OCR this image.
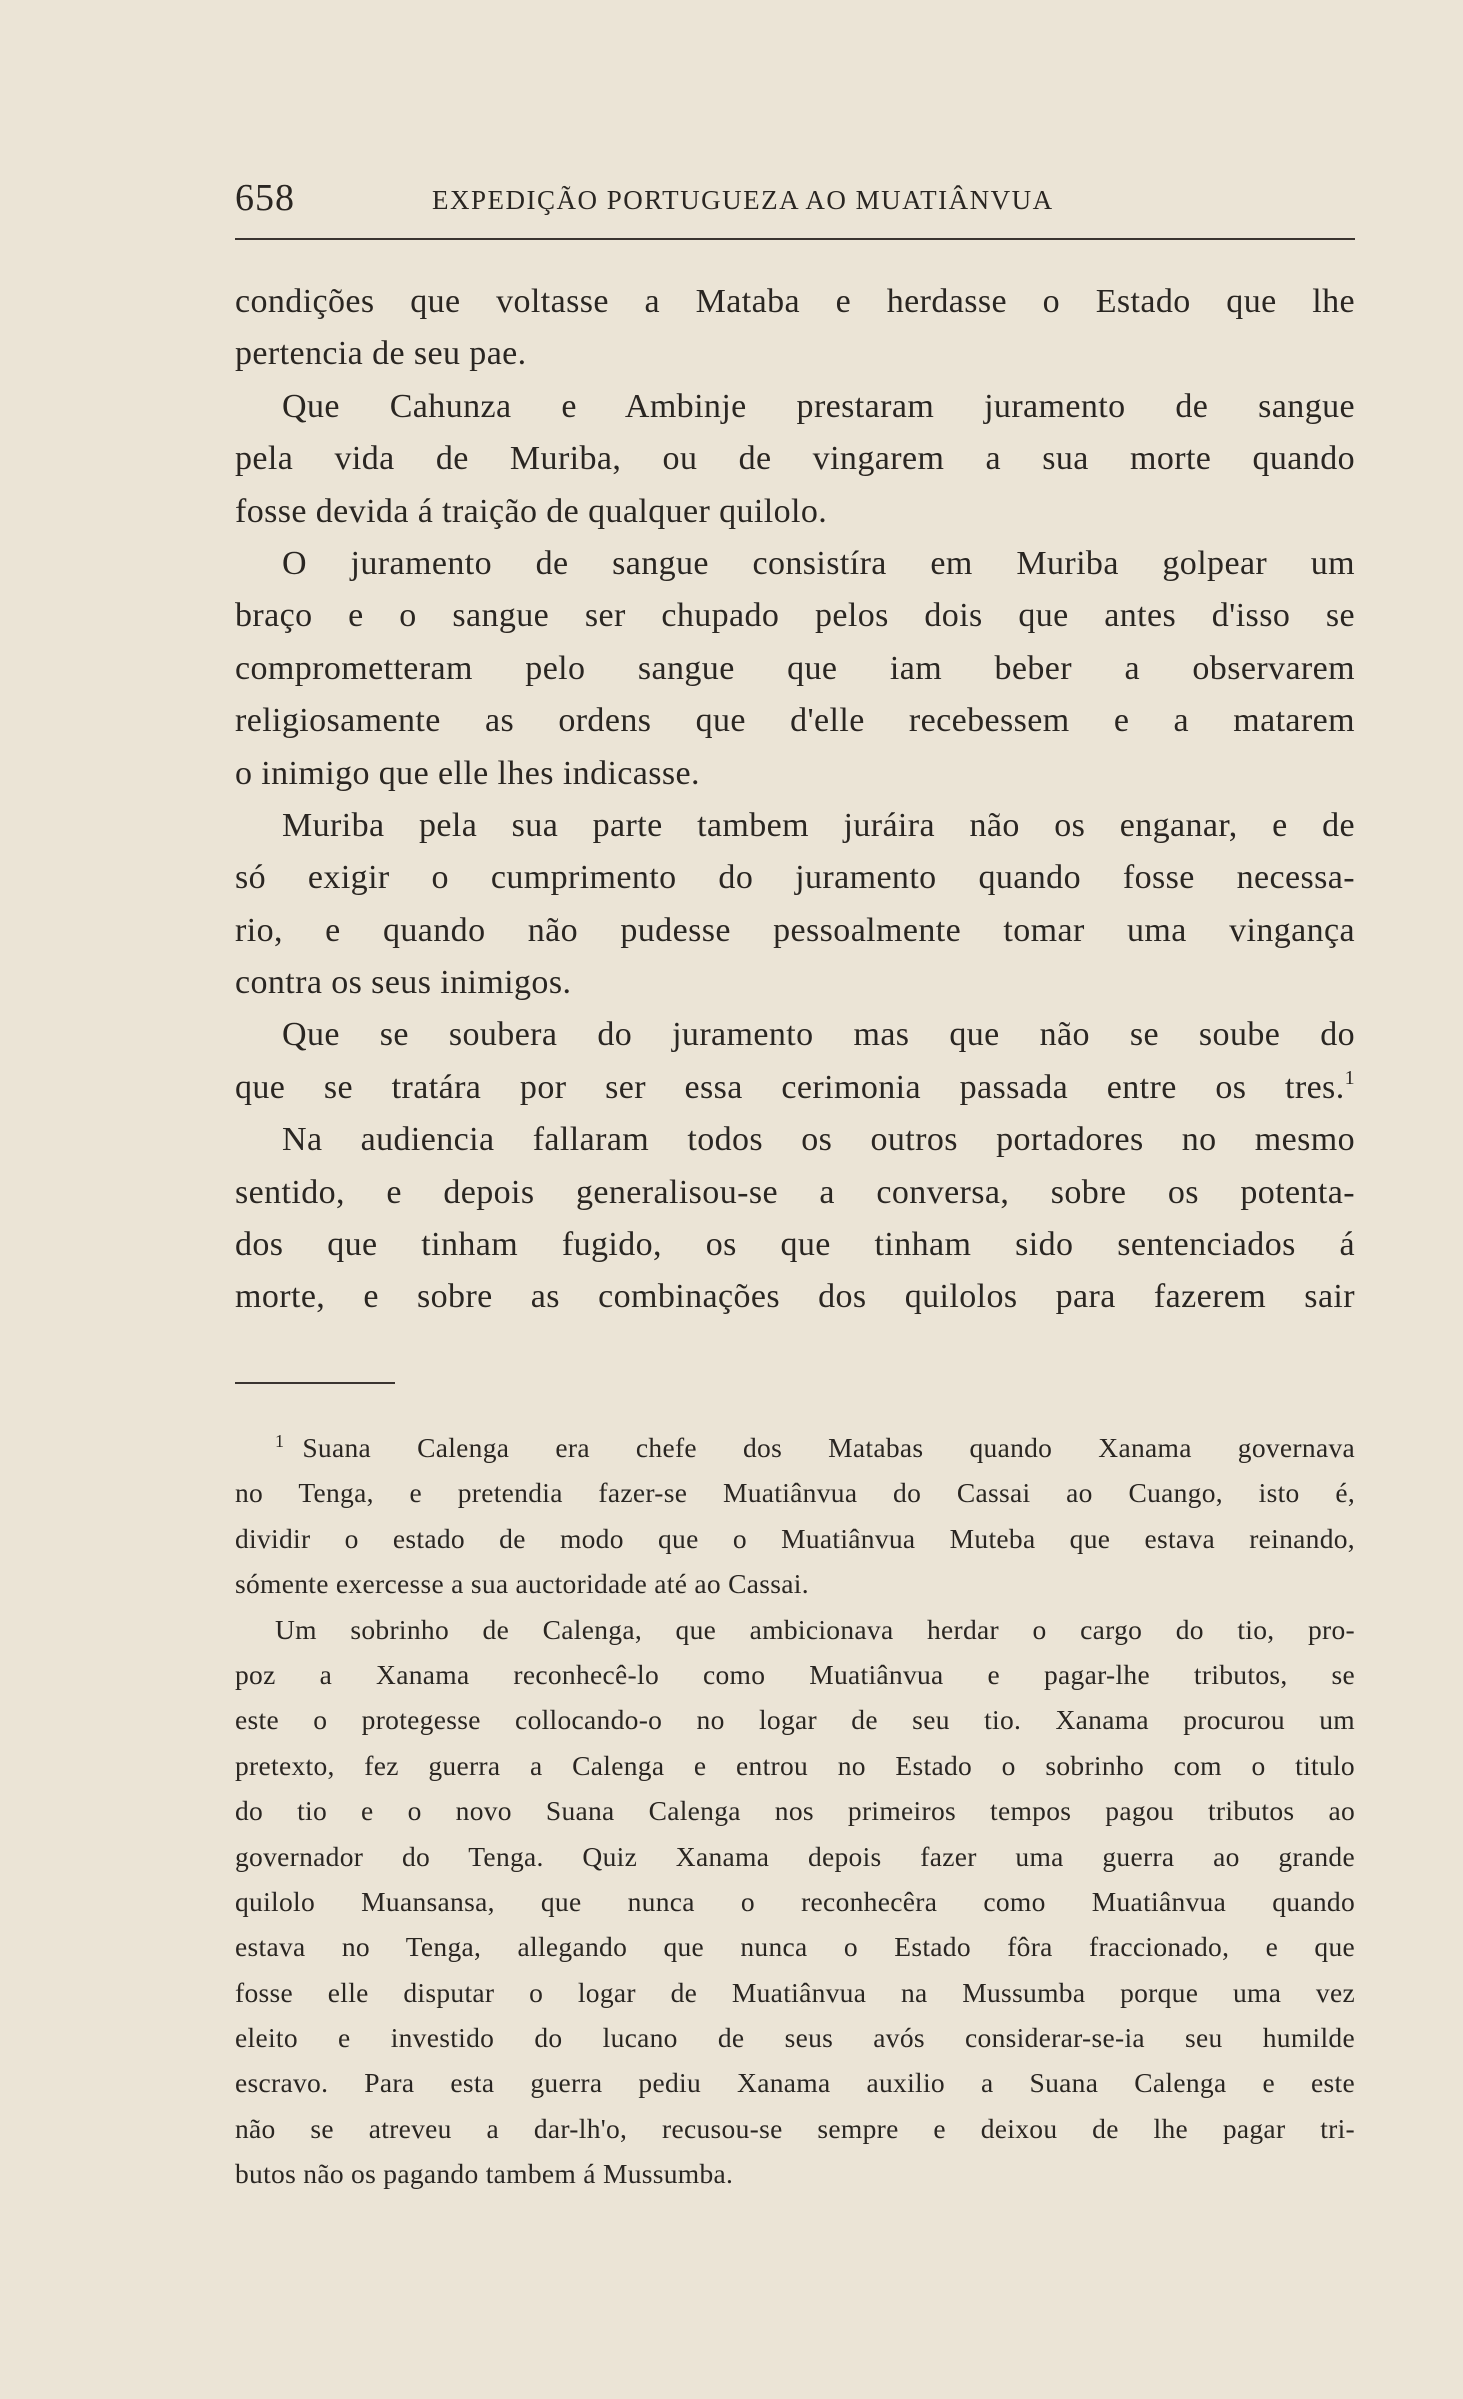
658	EXPEDIÇÃO PORTUGUEZA AO MUATIÂNVUA
condições que voltasse a Mataba e herdasse o Estado que lhe
pertencia de seu pae.
Que Cahunza e Ambinje prestaram juramento de sangue
pela vida de Muriba, ou de vingarem a sua morte quando
fosse devida á traição de qualquer quilolo.
O juramento de sangue consistíra em Muriba golpear um
braço e o sangue ser chupado pelos dois que antes d'isso se
comprometteram pelo sangue que iam beber a observarem
religiosamente as ordens que d'elle recebessem e a matarem
o inimigo que elle lhes indicasse.
Muriba pela sua parte tambem juráira não os enganar, e de
só exigir o cumprimento do juramento quando fosse necessa-
rio, e quando não pudesse pessoalmente tomar uma vingança
contra os seus inimigos.
Que se soubera do juramento mas que não se soube do
que se tratára por ser essa cerimonia passada entre os tres.$^1$
Na audiencia fallaram todos os outros portadores no mesmo
sentido, e depois generalisou-se a conversa, sobre os potenta-
dos que tinham fugido, os que tinham sido sentenciados á
morte, e sobre as combinações dos quilolos para fazerem sair
$^1$ Suana Calenga era chefe dos Matabas quando Xanama governava
no Tenga, e pretendia fazer-se Muatiânvua do Cassai ao Cuango, isto é,
dividir o estado de modo que o Muatiânvua Muteba que estava reinando,
sómente exercesse a sua auctoridade até ao Cassai.
Um sobrinho de Calenga, que ambicionava herdar o cargo do tio, pro-
poz a Xanama reconhecê-lo como Muatiânvua e pagar-lhe tributos, se
este o protegesse collocando-o no logar de seu tio. Xanama procurou um
pretexto, fez guerra a Calenga e entrou no Estado o sobrinho com o titulo
do tio e o novo Suana Calenga nos primeiros tempos pagou tributos ao
governador do Tenga. Quiz Xanama depois fazer uma guerra ao grande
quilolo Muansansa, que nunca o reconhecêra como Muatiânvua quando
estava no Tenga, allegando que nunca o Estado fôra fraccionado, e que
fosse elle disputar o logar de Muatiânvua na Mussumba porque uma vez
eleito e investido do lucano de seus avós considerar-se-ia seu humilde
escravo. Para esta guerra pediu Xanama auxilio a Suana Calenga e este
não se atreveu a dar-lh'o, recusou-se sempre e deixou de lhe pagar tri-
butos não os pagando tambem á Mussumba.
